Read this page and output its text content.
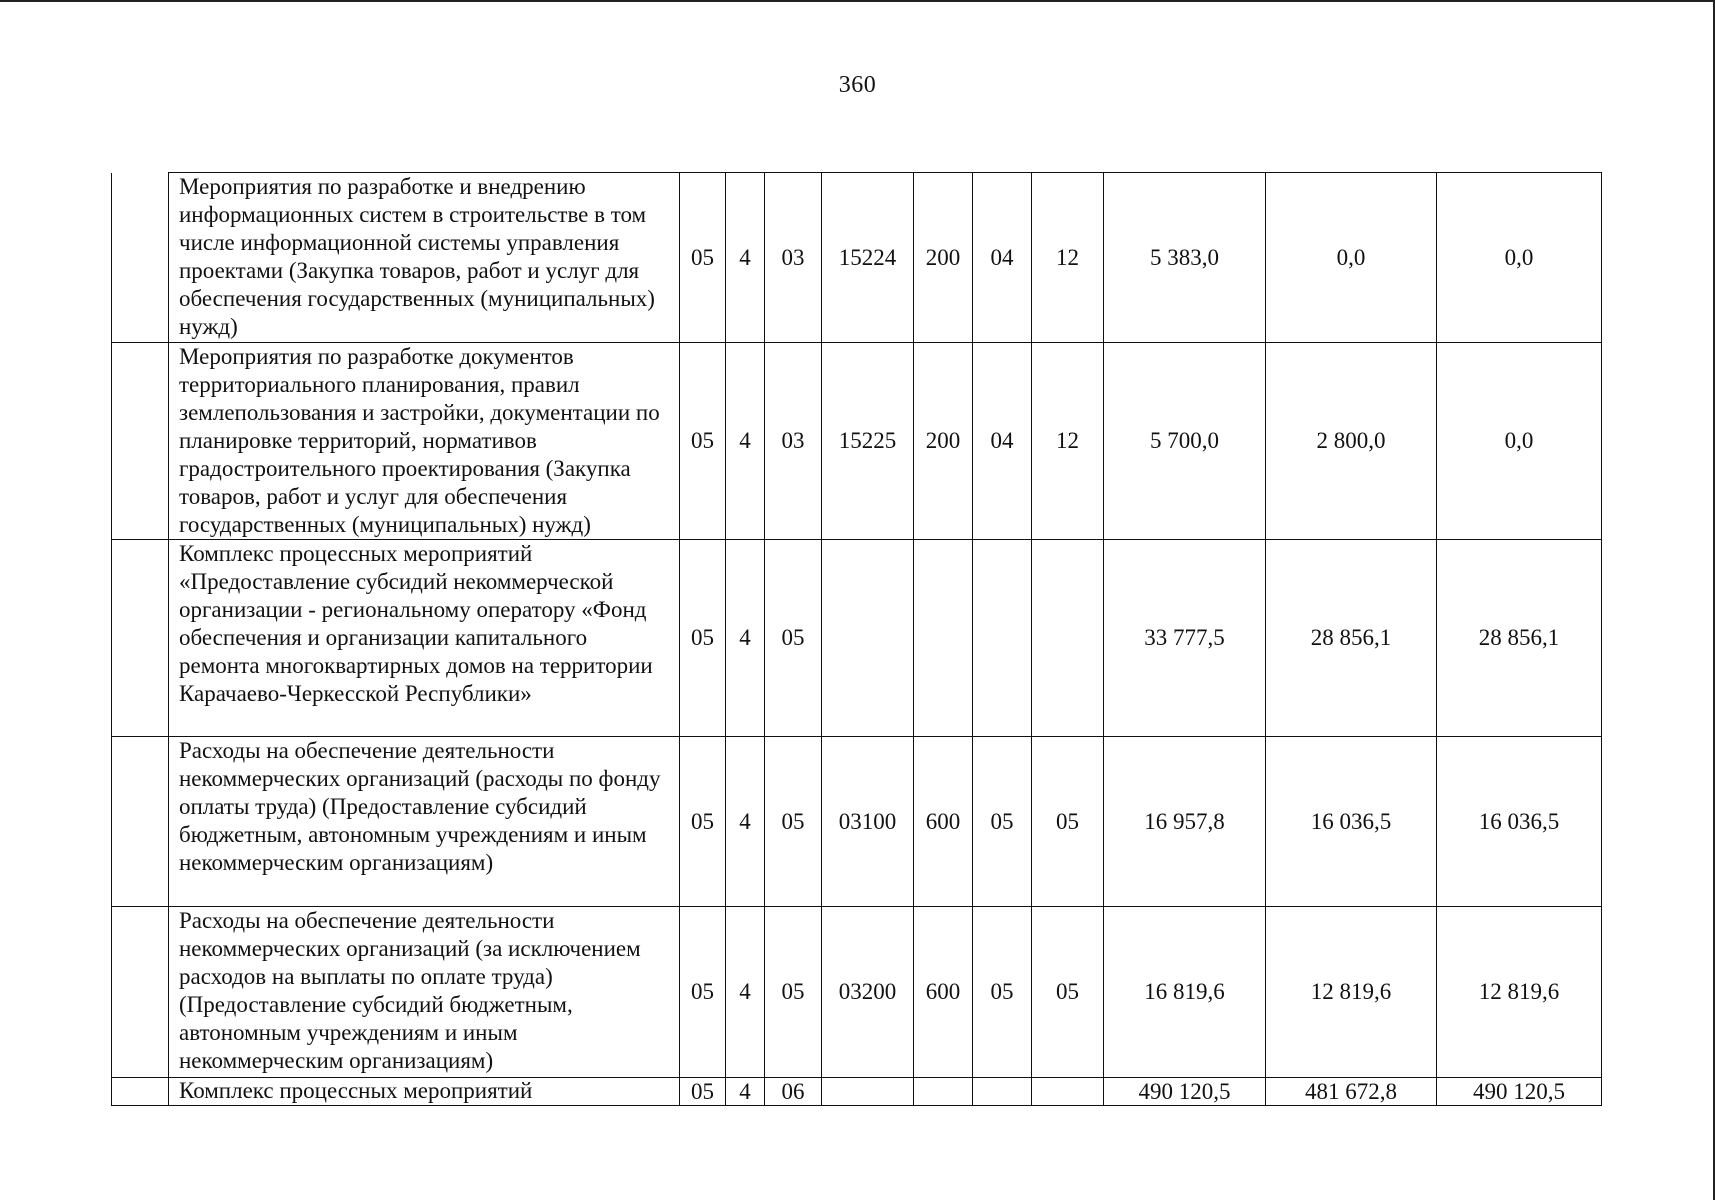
360
	Мероприятия по разработке и внедрению информационных систем в строительстве в том числе информационной системы управления проектами (Закупка товаров, работ и услуг для обеспечения государственных (муниципальных) нужд)	05	4	03	15224	200	04	12	5 383,0	0,0	0,0
	Мероприятия по разработке документов территориального планирования, правил землепользования и застройки, документации по планировке территорий, нормативов градостроительного проектирования (Закупка товаров, работ и услуг для обеспечения государственных (муниципальных) нужд)	05	4	03	15225	200	04	12	5 700,0	2 800,0	0,0
	Комплекс процессных мероприятий «Предоставление субсидий некоммерческой организации - региональному оператору «Фонд обеспечения и организации капитального ремонта многоквартирных домов на территории Карачаево-Черкесской Республики»	05	4	05					33 777,5	28 856,1	28 856,1
	Расходы на обеспечение деятельности некоммерческих организаций (расходы по фонду оплаты труда) (Предоставление субсидий бюджетным, автономным учреждениям и иным некоммерческим организациям)	05	4	05	03100	600	05	05	16 957,8	16 036,5	16 036,5
	Расходы на обеспечение деятельности некоммерческих организаций (за исключением расходов на выплаты по оплате труда) (Предоставление субсидий бюджетным, автономным учреждениям и иным некоммерческим организациям)	05	4	05	03200	600	05	05	16 819,6	12 819,6	12 819,6
	Комплекс процессных мероприятий	05	4	06					490 120,5	481 672,8	490 120,5
